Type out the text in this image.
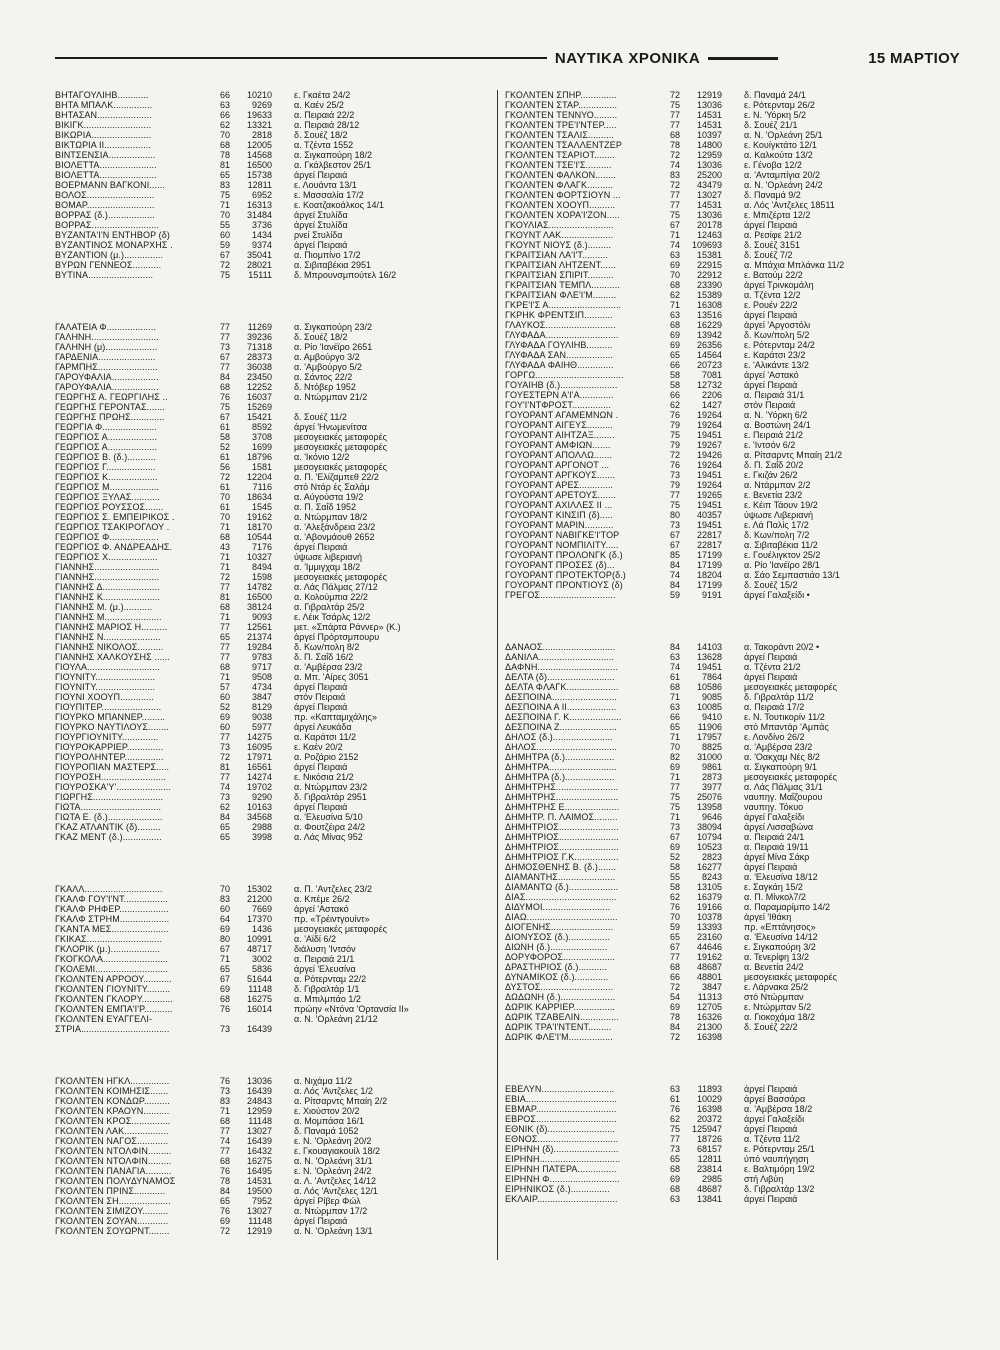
ΝΑΥΤΙΚΑ ΧΡΟΝΙΚΑ	15 ΜΑΡΤΙΟΥ
ΒΗΤΑΓΟΥΛΙΗΒ............	66	10210	ε. Γκαέτα 24/2
ΒΗΤΑ ΜΠΑΛΚ...............	63	9269	α. Καέν 25/2
ΒΗΤΑΣΑΝ.....................	66	19633	α. Πειραιά 22/2
ΒΙΚΙΓΚ..........................	62	13321	α. Πειραιά 28/12
ΒΙΚΩΡΙΑ.......................	70	2818	δ. Σουέζ 18/2
ΒΙΚΤΩΡΙΑ ΙΙ..................	68	12005	α. Τζέντα 1552
ΒΙΝΤΣΕΝΣΙΑ..................	78	14568	α. Σιγκαπούρη 18/2
ΒΙΟΛΕΤΤΑ......................	81	16500	α. Γκάλβεστον 25/1
ΒΙΟΛΕΤΤΑ......................	65	15738	άργεί Πειραιά
ΒΟΕΡΜΑΝΝ ΒΑΓΚΟΝΙ......	83	12811	ε. Λουάντα 13/1
ΒΟΛΟΣ..........................	75	6952	ε. Μασσαλία 17/2
ΒΟΜΑΡ..........................	71	16313	ε. Κοατζακοάλκος 14/1
ΒΟΡΡΑΣ (δ.)..................	70	31484	άργεί Στυλίδα
ΒΟΡΡΑΣ..........................	55	3736	άργεί Στυλίδα
ΒΥΖΑΝΤΑ'Ι'Ν ΕΝΤΗΒΟΡ (δ)	60	1434	ρνεί Στυλίδα
ΒΥΖΑΝΤΙΝΟΣ ΜΟΝΑΡΧΗΣ .	59	9374	άργεί Πειραιά
ΒΥΖΑΝΤΙΟΝ (μ.)...............	67	35041	α. Πιομπίνο 17/2
ΒΥΡΩΝ ΓΕΝΝΕΟΣ...........	72	28021	α. Σιβιταβέκια 2951
ΒΥΤΙΝΑ.........................	75	15111	δ. Μπρουνσμπούτελ 16/2
ΓΑΛΑΤΕΙΑ Φ...................	77	11269	α. Σιγκαπούρη 23/2
ΓΑΛΗΝΗ..........................	77	39236	δ. Σουέζ 18/2
ΓΑΛΗΝΗ (μ)....................	73	71318	α. Ρίο 'Ιανέϊρο 2651
ΓΑΡΔΕΝΙΑ......................	67	28373	α. Αμβούργο 3/2
ΓΑΡΜΠΗΣ.......................	77	36038	α. 'Αμβούργο 5/2
ΓΑΡΟΥΦΑΛΙΑ..................	84	23450	α. Σάντος 22/2
ΓΑΡΟΥΦΑΛΙΑ..................	68	12252	δ. Ντόβερ 1952
ΓΕΩΡΓΗΣ Α. ΓΕΩΡΓΙΛΗΣ ..	76	16037	α. Ντώρμπαν 21/2
ΓΕΩΡΓΗΣ ΓΕΡΟΝΤΑΣ.......	75	15269
ΓΕΩΡΓΗΣ ΠΡΩΗΣ.............	67	15421	δ. Σουέζ 11/2
ΓΕΩΡΓΙΑ Φ.....................	61	8592	άργεί 'Ηνωμενίτσα
ΓΕΩΡΓΙΟΣ Α...................	58	3708	μεσογειακές μεταφορές
ΓΕΩΡΓΙΟΣ Α...................	52	1699	μεσογειακές μεταφορές
ΓΕΩΡΓΙΟΣ Β. (δ.)...........	61	18796	α. 'Ικόνιο 12/2
ΓΕΩΡΓΙΟΣ Γ...................	56	1581	μεσογειακές μεταφορές
ΓΕΩΡΓΙΟΣ Κ...................	72	12204	α. Π. 'Ελίζαμπεθ 22/2
ΓΕΩΡΓΙΟΣ Μ...................	61	7116	στό Ντάρ ές Σαλάμ
ΓΕΩΡΓΙΟΣ ΞΥΛΑΣ...........	70	18634	α. Αύγούστα 19/2
ΓΕΩΡΓΙΟΣ ΡΟΥΣΣΟΣ.......	61	1545	α. Π. Σαΐδ 1952
ΓΕΩΡΓΙΟΣ Σ. ΕΜΠΕΙΡΙΚΟΣ .	70	19162	α. Ντώρμπαν 18/2
ΓΕΩΡΓΙΟΣ ΤΣΑΚΙΡΟΓΛΟΥ .	71	18170	α. 'Αλεξάνδρεια 23/2
ΓΕΩΡΓΙΟΣ Φ...................	68	10544	α. 'Αβονμάουθ 2652
ΓΕΩΡΓΙΟΣ Φ. ΑΝΔΡΕΑΔΗΣ.	43	7176	άργεί Πειραιά
ΓΕΩΡΓΙΟΣ Χ...................	71	10327	ύψωσε λιβεριανή
ΓΙΑΝΝΗΣ.........................	71	8494	α. 'Ιμμιγχαμ 18/2
ΓΙΑΝΝΗΣ.........................	72	1598	μεσογειακές μεταφορές
ΓΙΑΝΝΗΣ Δ......................	77	14782	α. Λάς Πάλμας 27/12
ΓΙΑΝΝΗΣ Κ......................	81	16500	α. Κολούμπια 22/2
ΓΙΑΝΝΗΣ Μ. (μ.)...........	68	38124	α. Γιβραλτάρ 25/2
ΓΙΑΝΝΗΣ Μ......................	71	9093	ε. Λέικ Τσάρλς 12/2
ΓΙΑΝΝΗΣ ΜΑΡΙΟΣ Η..........	77	12561	μετ. «Σπάρτα Ράννερ» (Κ.)
ΓΙΑΝΝΗΣ Ν......................	65	21374	άργεί Πρόρτσμπουρυ
ΓΙΑΝΝΗΣ ΝΙΚΟΛΟΣ..........	77	19284	δ. Κων/πολη 8/2
ΓΙΑΝΝΗΣ ΧΑΛΚΟΥΣΗΣ ......	77	9783	δ. Π. Σαΐδ 16/2
ΓΙΟΥΛΑ............................	68	9717	α. 'Αμβέρσα 23/2
ΓΙΟΥΝΙΤΥ.......................	71	9508	α. Μπ. 'Αίρες 3051
ΓΙΟΥΝΙΤΥ.......................	57	4734	άργεί Πειραιά
ΓΙΟΥΝΙ ΧΟΟΥΠ.............	60	3847	στόν Πειραιά
ΓΙΟΥΠΙΤΕΡ.......................	52	8129	άργεί Πειραιά
ΓΙΟΥΡΚΟ ΜΠΑΝΝΕΡ.........	69	9038	πρ. «Καπταμιχάλης»
ΓΙΟΥΡΚΟ ΝΑΥΤΙΛΟΥΣ........	60	5977	άργεί Λευκάδα
ΓΙΟΥΡΓΙΟΥΝΙΤΥ..............	77	14275	α. Καράτσι 11/2
ΓΙΟΥΡΟΚΑΡΡΙΕΡ..............	73	16095	ε. Καέν 20/2
ΓΙΟΥΡΟΛΗΝΤΕΡ...............	72	17971	α. Ροζάριο 2152
ΓΙΟΥΡΟΠΙΑΝ ΜΑΣΤΕΡΣ.....	81	16561	άργεί Πειραιά
ΓΙΟΥΡΟΣΗ.........................	77	14274	ε. Νικόσια 21/2
ΓΙΟΥΡΟΣΚΑ'Υ'.....................	74	19702	α. Ντώρμπαν 23/2
ΓΙΩΡΓΗΣ...........................	73	9290	δ. Γιβραλτάρ 2951
ΓΙΩΤΑ...............................	62	10163	άργεί Πειραιά
ΓΙΩΤΑ Ε. (δ.).....................	84	34568	α. 'Ελευσίνα 5/10
ΓΚΑΖ ΑΤΛΑΝΤΙΚ (δ).........	65	2988	α. Φουτζέιρα 24/2
ΓΚΑΖ ΜΕΝΤ (δ.)...............	65	3998	α. Λάς Μίνας 952
ΓΚΑΛΛ..............................	70	15302	α. Π. 'Αντζελες 23/2
ΓΚΑΛΦ ΓΟΥ'Ι'ΝΤ.................	83	21200	α. Κπέμε 26/2
ΓΚΑΛΦ ΡΗΦΕΡ...................	60	7669	άργεί 'Αστακό
ΓΚΑΛΦ ΣΤΡΗΜ...................	64	17370	πρ. «Τρέιντγουίντ»
ΓΚΑΝΤΑ ΜΕΣ......................	69	1436	μεσογειακές μεταφορές
ΓΚΙΚΑΣ.............................	80	10991	α. 'Αϊδί 6/2
ΓΚΛΟΡΙΚ (μ.)...................	67	48717	διάλυση 'Ιντσόν
ΓΚΟΓΚΟΛΑ.........................	71	3002	α. Πειραιά 21/1
ΓΚΟΛΕΜΙ............................	65	5836	άργεί 'Ελευσίνα
ΓΚΟΛΝΤΕΝ ΑΡΡΟΟΥ...........	67	51644	α. Ρότερνταμ 22/2
ΓΚΟΛΝΤΕΝ ΓΙΟΥΝΙΤΥ.........	69	11148	δ. Γιβραλτάρ 1/1
ΓΚΟΛΝΤΕΝ ΓΚΛΟΡΥ............	68	16275	α. Μπιλμπάο 1/2
ΓΚΟΛΝΤΕΝ ΕΜΠΑ'Ι'Ρ...........	76	16014	πρώην «Ντόνα 'Ορτανσία ΙΙ»
ΓΚΟΛΝΤΕΝ ΕΥΑΓΓΕΛΙ-	α. Ν. 'Ορλεάνη 21/12
ΣΤΡΙΑ..................................	73	16439
ΓΚΟΛΝΤΕΝ ΗΓΚΛ...............	76	13036	α. Νιχάμα 11/2
ΓΚΟΛΝΤΕΝ ΚΟΙΜΗΣΙΣ.......	73	16439	α. Λός 'Αντζελες 1/2
ΓΚΟΛΝΤΕΝ ΚΟΝΔΩΡ..........	83	24843	α. Ρίτσαρντς Μπαίη 2/2
ΓΚΟΛΝΤΕΝ ΚΡΑΟΥΝ..........	71	12959	ε. Χιούστον 20/2
ΓΚΟΛΝΤΕΝ ΚΡΟΣ...............	68	11148	α. Μομπάσα 16/1
ΓΚΟΛΝΤΕΝ ΛΑΚ.................	77	13027	δ. Παναμά 1052
ΓΚΟΛΝΤΕΝ ΝΑΓΟΣ............	74	16439	ε. Ν. 'Ορλεάνη 20/2
ΓΚΟΛΝΤΕΝ ΝΤΟΛΦΙΝ.........	77	16432	ε. Γκουαγιακουίλ 18/2
ΓΚΟΛΝΤΕΝ ΝΤΟΛΦΙΝ.........	68	16275	α. Ν. 'Ορλεάνη 31/1
ΓΚΟΛΝΤΕΝ ΠΑΝΑΓΙΑ..........	76	16495	ε. Ν. 'Ορλεάνη 24/2
ΓΚΟΛΝΤΕΝ ΠΟΛΥΔΥΝΑΜΟΣ	78	14531	α. Λ. 'Αντζελες 14/12
ΓΚΟΛΝΤΕΝ ΠΡΙΝΣ............	84	19500	α. Λός 'Αντζελες 12/1
ΓΚΟΛΝΤΕΝ ΣΗ....................	65	7952	άργεί Ρίβερ Φώλ
ΓΚΟΛΝΤΕΝ ΣΙΜΙΖΟΥ..........	76	13027	α. Ντώρμπαν 17/2
ΓΚΟΛΝΤΕΝ ΣΟΥΑΝ............	69	11148	άργεί Πειραιά
ΓΚΟΛΝΤΕΝ ΣΟΥΩΡΝΤ........	72	12919	α. Ν. 'Ορλεάνη 13/1
ΓΚΟΛΝΤΕΝ ΣΠΗΡ..............	72	12919	δ. Παναμά 24/1
ΓΚΟΛΝΤΕΝ ΣΤΑΡ...............	75	13036	ε. Ρότερνταμ 26/2
ΓΚΟΛΝΤΕΝ ΤΕΝΝΥΟ.........	77	14531	ε. Ν. 'Υόρκη 5/2
ΓΚΟΛΝΤΕΝ ΤΡΕ'Ι'ΝΤΕΡ.....	77	14531	δ. Σουέζ 21/1
ΓΚΟΛΝΤΕΝ ΤΣΑΛΙΣ..........	68	10397	α. Ν. 'Ορλεάνη 25/1
ΓΚΟΛΝΤΕΝ ΤΣΑΛΛΕΝΤΖΕΡ	78	14800	ε. Κουίγκτάτο 12/1
ΓΚΟΛΝΤΕΝ ΤΣΑΡΙΟΤ........	72	12959	α. Καλκούτα 13/2
ΓΚΟΛΝΤΕΝ ΤΣΕ'Ι'Σ..........	74	13036	ε. Γένοβα 12/2
ΓΚΟΛΝΤΕΝ ΦΑΛΚΟΝ........	83	25200	α. 'Ανταμπίγια 20/2
ΓΚΟΛΝΤΕΝ ΦΛΑΓΚ..........	72	43479	α. Ν. 'Ορλεάνη 24/2
ΓΚΟΛΝΤΕΝ ΦΟΡΤΣΙΟΥΝ ...	77	13027	δ. Παναμά 9/2
ΓΚΟΛΝΤΕΝ ΧΟΟΥΠ..........	77	14531	α. Λός 'Αντζελες 18511
ΓΚΟΛΝΤΕΝ ΧΟΡΑ'Ι'ΖΟΝ.....	75	13036	ε. Μπιζέρτα 12/2
ΓΚΟΥΛΙΑΣ.........................	67	20178	άργεί Πειραιά
ΓΚΟΥΝΤ ΛΑΚ....................	71	12463	α. Ρεσίφε 21/2
ΓΚΟΥΝΤ ΝΙΟΥΣ (δ.).........	74	109693	δ. Σουέζ 3151
ΓΚΡΑΙΤΣΙΑΝ ΛΑ'Ι'Τ..........	63	15381	δ. Σουέζ 7/2
ΓΚΡΑΙΤΣΙΑΝ ΛΗΤΖΕΝΤ......	69	22915	α. Μπάχια Μπλάνκα 11/2
ΓΚΡΑΙΤΣΙΑΝ ΣΠΙΡΙΤ..........	70	22912	ε. Βατούμ 22/2
ΓΚΡΑΙΤΣΙΑΝ ΤΕΜΠΛ...........	68	23390	άργεί Τρινκομάλη
ΓΚΡΑΙΤΣΙΑΝ ΦΛΕ'Ι'Μ.........	62	15389	α. Τζέντα 12/2
ΓΚΡΕ'Ι'Σ Α............................	71	16308	ε. Ρουέν 22/2
ΓΚΡΗΚ ΦΡΕΝΤΣΙΠ...........	63	13516	άργεί Πειραιά
ΓΛΑΥΚΟΣ...........................	68	16229	άργεί 'Αργοστόλι
ΓΛΥΦΑΔΑ............................	69	13942	δ. Κων/πολη 5/2
ΓΛΥΦΑΔΑ ΓΟΥΛΙΗΒ..........	69	26356	ε. Ρότερνταμ 24/2
ΓΛΥΦΑΔΑ ΣΑΝ..................	65	14564	ε. Καράτσι 23/2
ΓΛΥΦΑΔΑ ΦΑΙΗΘ..............	66	20723	ε. 'Αλικάντε 13/2
ΓΟΡΓΩ..................................	58	7081	άργεί 'Αστακό
ΓΟΥΑΙΗΒ (δ.)......................	58	12732	άργεί Πειραιά
ΓΟΥΕΣΤΕΡΝ Α'Ι'Α.............	66	2206	α. Πειραιά 31/1
ΓΟΥ'Ι'ΝΤΦΡΟΣΤ...............	62	1427	στόν Πειραιά
ΓΟΥΟΡΑΝΤ ΑΓΑΜΕΜΝΩΝ .	76	19264	α. Ν. 'Υόρκη 6/2
ΓΟΥΟΡΑΝΤ ΑΙΓΕΥΣ..........	79	19264	α. Βοστώνη 24/1
ΓΟΥΟΡΑΝΤ ΑΙΗΤΖΑΞ........	75	19451	ε. Πειραιά 21/2
ΓΟΥΟΡΑΝΤ ΑΜΦΙΩΝ.......	79	19267	ε. 'Ιντσόν 6/2
ΓΟΥΟΡΑΝΤ ΑΠΟΛΛΩ.......	72	19426	α. Ρίτσαρντς Μπαίη 21/2
ΓΟΥΟΡΑΝΤ ΑΡΓΟΝΟΤ ...	76	19264	δ. Π. Σαΐδ 20/2
ΓΟΥΟΡΑΝΤ ΑΡΓΚΟΥΣ.......	73	19451	ε. Γκιζάν 26/2
ΓΟΥΟΡΑΝΤ ΑΡΕΣ.............	79	19264	α. Ντάρμπαν 2/2
ΓΟΥΟΡΑΝΤ ΑΡΕΤΟΥΣ.......	77	19265	ε. Βενετία 23/2
ΓΟΥΟΡΑΝΤ ΑΧΙΛΛΕΣ ΙΙ ...	75	19451	ε. Κέιπ Τάουν 19/2
ΓΟΥΟΡΑΝΤ ΚΙΝΣΙΠ (δ).....	80	40357	ύψωσε Λιβεριανή
ΓΟΥΟΡΑΝΤ ΜΑΡΙΝ...........	73	19451	ε. Λά Παλίς 17/2
ΓΟΥΟΡΑΝΤ ΝΑΒΙΓΚΕ'Ι'ΤΟΡ	67	22817	δ. Κων/πολη 7/2
ΓΟΥΟΡΑΝΤ ΝΟΜΠΙΛΙΤΥ.....	67	22817	α. Σιβιταβέκια 11/2
ΓΟΥΟΡΑΝΤ ΠΡΟΛΟΝΓΚ (δ.)	85	17199	ε. Γουέλιγκτον 25/2
ΓΟΥΟΡΑΝΤ ΠΡΟΣΕΣ (δ)...	84	17199	α. Ρίο 'Ιανέϊρο 28/1
ΓΟΥΟΡΑΝΤ ΠΡΟΤΕΚΤΟΡ(δ.)	74	18204	α. Σάο Σεμπαστιάο 13/1
ΓΟΥΟΡΑΝΤ ΠΡΟΝΤΙΟΥΣ (δ)	84	17199	δ. Σουέζ 15/2
ΓΡΕΓΟΣ.............................	59	9191	άργεί Γαλαξείδι •
ΔΑΝΑΟΣ............................	84	14103	α. Τακοράντι 20/2 •
ΔΑΝΙΛΑ.............................	63	13628	άργεί Πειραιά
ΔΑΦΝΗ...............................	74	19451	α. Τζέντα 21/2
ΔΕΛΤΑ (δ)..........................	61	7864	άργεί Πειραιά
ΔΕΛΤΑ ΦΛΑΓΚ....................	68	10586	μεσογειακές μεταφορές
ΔΕΣΠΟΙΝΑ.........................	71	9085	δ. Γιβραλτάρ 11/2
ΔΕΣΠΟΙΝΑ Α ΙΙ...................	63	10085	α. Πειραιά 17/2
ΔΕΣΠΟΙΝΑ Γ. Κ....................	66	9410	ε. Ν. Τουτικορίν 11/2
ΔΕΣΠΟΙΝΑ Ζ......................	65	11906	στό Μπαντάρ 'Αμπάς
ΔΗΛΟΣ (δ.).......................	71	17957	ε. Λονδίνο 26/2
ΔΗΛΟΣ...............................	70	8825	α. 'Αμβέρσα 23/2
ΔΗΜΗΤΡΑ (δ.)...................	82	31000	α. 'Οακχαμ Νές 8/2
ΔΗΜΗΤΡΑ..........................	69	9861	α. Σιγκαπούρη 9/1
ΔΗΜΗΤΡΑ (δ.)...................	71	2873	μεσογειακές μεταφορές
ΔΗΜΗΤΡΗΣ........................	77	3977	α. Λάς Πάλμας 31/1
ΔΗΜΗΤΡΗΣ........................	75	25076	ναυπηγ. Μαΐζουρου
ΔΗΜΗΤΡΗΣ Ε.....................	75	13958	ναυπηγ. Τόκυο
ΔΗΜΗΤΡ. Π. ΛΑΙΜΟΣ.........	71	9646	άργεί Γαλαξείδι
ΔΗΜΗΤΡΙΟΣ.......................	73	38094	άργεί Λισσαβώνα
ΔΗΜΗΤΡΙΟΣ.......................	67	10794	α. Πειραιά 24/1
ΔΗΜΗΤΡΙΟΣ.......................	69	10523	α. Πειραιά 19/11
ΔΗΜΗΤΡΙΟΣ Γ.Κ.................	52	2823	άργεί Μίνα Σάκρ
ΔΗΜΟΣΘΕΝΗΣ Β. (δ.).......	58	16277	άργεί Πειραιά
ΔΙΑΜΑΝΤΗΣ......................	55	8243	α. 'Ελευσίνα 18/12
ΔΙΑΜΑΝΤΩ (δ.)...................	58	13105	ε. Σαγκάη 15/2
ΔΙΑΣ...................................	62	16379	α. Π. Μίνκολ7/2
ΔΙΔΥΜΟΙ..........................	76	19166	α. Παραμαρίμπο 14/2
ΔΙΑΩ...................................	70	10378	άργεί 'Ιθάκη
ΔΙΟΓΕΝΗΣ........................	59	13393	πρ. «Επτάνησος»
ΔΙΟΝΥΣΟΣ (δ.)................	65	23160	α. 'Ελευσίνα 14/12
ΔΙΩΝΗ (δ.)......................	67	44646	ε. Σιγκαπούρη 3/2
ΔΟΡΥΦΟΡΟΣ....................	77	19162	α. Τενερίφη 13/2
ΔΡΑΣΤΗΡΙΟΣ (δ.)...........	68	48687	α. Βενετία 24/2
ΔΥΝΑΜΙΚΟΣ (δ.).............	66	48801	μεσογειακές μεταφορές
ΔΥΣΤΟΣ............................	72	3847	ε. Λάρνακα 25/2
ΔΩΔΩΝΗ (δ.).....................	54	11313	στό Ντώρμπαν
ΔΩΡΙΚ ΚΑΡΡΙΕΡ................	69	12705	ε. Ντώρμπαν 5/2
ΔΩΡΙΚ ΤΖΑΒΕΛΙΝ...............	78	16326	α. Γιοκοχάμα 18/2
ΔΩΡΙΚ ΤΡΑ'Ι'ΝΤΕΝΤ.........	84	21300	δ. Σουέζ 22/2
ΔΩΡΙΚ ΦΛΕ'Ι'Μ.................	72	16398
ΕΒΕΛΥΝ............................	63	11893	άργεί Πειραιά
ΕΒΙΑ...................................	61	10029	άργεί Βασσάρα
ΕΒΜΑΡ...............................	76	16398	α. 'Αμβέρσα 18/2
ΕΒΡΟΣ...............................	62	20372	άργεί Γαλαξείδι
ΕΘΝΙΚ (δ)..........................	75	125947	άργεί Πειραιά
ΕΘΝΟΣ...............................	77	18726	α. Τζέντα 11/2
ΕΙΡΗΝΗ (δ).........................	73	68157	ε. Ρότερνταμ 25/1
ΕΙΡΗΝΗ...............................	65	12811	ύπό ναυπήγηση
ΕΙΡΗΝΗ ΠΑΤΕΡΑ...............	68	23814	ε. Βαλτιμόρη 19/2
ΕΙΡΗΝΗ Φ...........................	69	2985	στή Λιβύη
ΕΙΡΗΝΙΚΟΣ (δ.)...............	68	48687	δ. Γιβραλτάρ 13/2
ΕΚΛΑΙΡ...............................	63	13841	άργεί Πειραιά
